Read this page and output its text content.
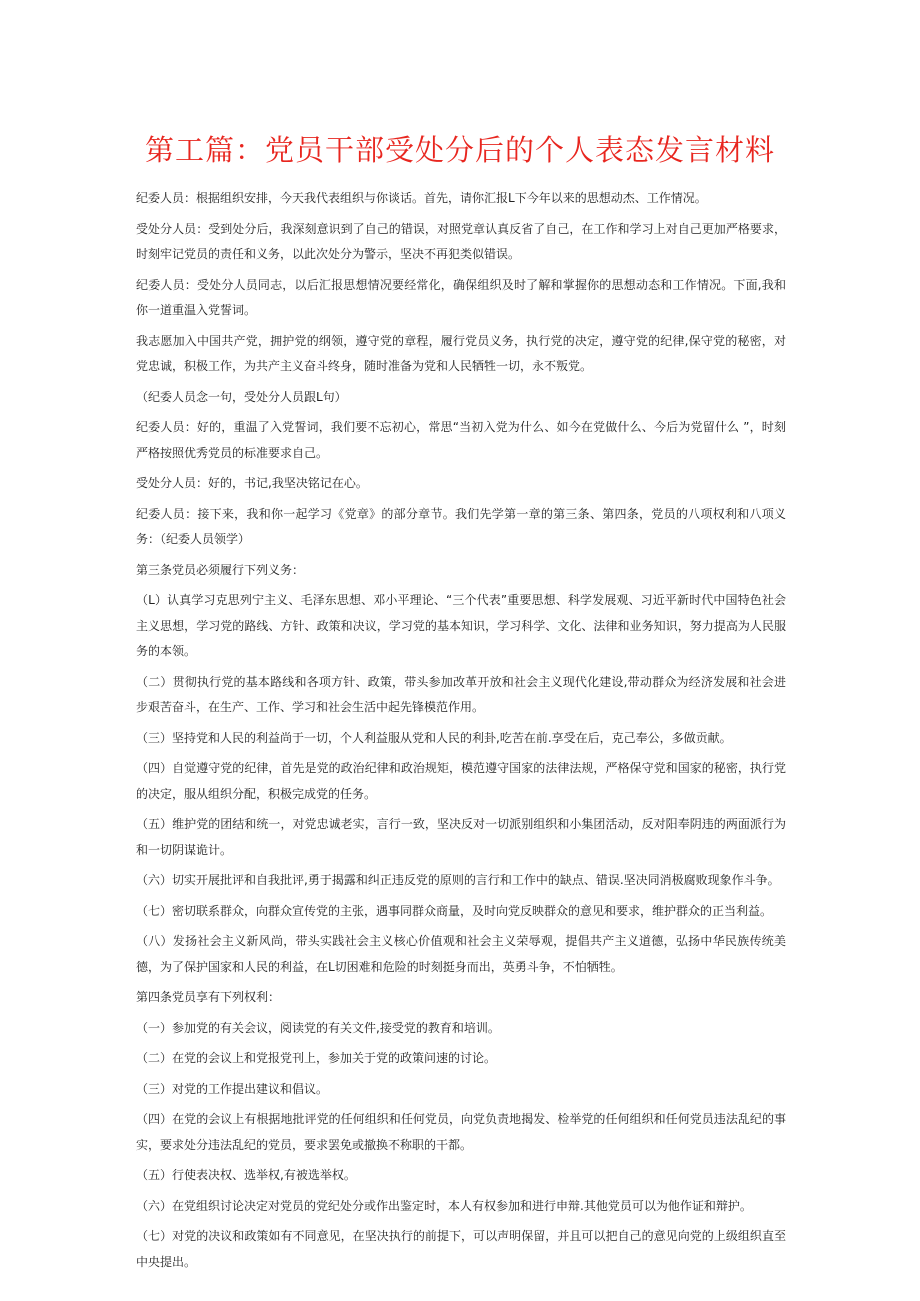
第工篇：党员干部受处分后的个人表态发言材料

纪委人员：根据组织安排，今天我代表组织与你谈话。首先，请你汇报L下今年以来的思想动杰、工作情况。

受处分人员：受到处分后，我深刻意识到了自己的错误，对照党章认真反省了自己，在工作和学习上对自己更加严格要求，时刻牢记党员的责任和义务，以此次处分为警示，坚决不再犯类似错误。

纪委人员：受处分人员同志，以后汇报思想情况要经常化，确保组织及时了解和掌握你的思想动态和工作情况。下面,我和你一道重温入党誓词。

我志愿加入中国共产党，拥护党的纲领，遵守党的章程，履行党员义务，执行党的决定，遵守党的纪律,保守党的秘密，对党忠诚，积极工作，为共产主义奋斗终身，随时准备为党和人民牺牲一切，永不叛党。

（纪委人员念一句，受处分人员跟L句）

纪委人员：好的，重温了入党誓词，我们要不忘初心，常思“当初入党为什么、如今在党做什么、今后为党留什么 ”，时刻严格按照优秀党员的标准要求自己。

受处分人员：好的，书记,我坚决铭记在心。

纪委人员：接下来，我和你一起学习《党章》的部分章节。我们先学第一章的第三条、第四条，党员的八项权利和八项义务：（纪委人员领学）

第三条党员必须履行下列义务：

（L）认真学习克思列宁主义、毛泽东思想、邓小平理论、“三个代表”重要思想、科学发展观、习近平新时代中国特色社会主义思想，学习党的路线、方针、政策和决议，学习党的基本知识，学习科学、文化、法律和业务知识，努力提高为人民服务的本领。

（二）贯彻执行党的基本路线和各项方针、政策，带头参加改革开放和社会主义现代化建设,带动群众为经济发展和社会进步艰苦奋斗，在生产、工作、学习和社会生活中起先锋模范作用。

（三）坚持党和人民的利益尚于一切，个人利益服从党和人民的利卦,吃苦在前.享受在后，克己奉公，多做贡献。

（四）自觉遵守党的纪律，首先是党的政治纪律和政治规矩，模范遵守国家的法律法规，严格保守党和国家的秘密，执行党的决定，服从组织分配，积极完成党的任务。

（五）维护党的团结和统一，对党忠诚老实，言行一致，坚决反对一切派别组织和小集团活动，反对阳奉阴违的两面派行为和一切阴谋诡计。

（六）切实开展批评和自我批评,勇于揭露和纠正违反党的原则的言行和工作中的缺点、错误.坚决同消极腐败现象作斗争。

（七）密切联系群众，向群众宣传党的主张，遇事同群众商量，及时向党反映群众的意见和要求，维护群众的正当利益。

（八）发扬社会主义新风尚，带头实践社会主义核心价值观和社会主义荣辱观，提倡共产主义道德，弘扬中华民族传统美德，为了保护国家和人民的利益，在L切困难和危险的时刻挺身而出，英勇斗争，不怕牺牲。

第四条党员享有下列权利：

（一）参加党的有关会议，阅读党的有关文件,接受党的教育和培训。

（二）在党的会议上和党报党刊上，参加关于党的政策问速的讨论。

（三）对党的工作提出建议和倡议。

（四）在党的会议上有根据地批评党的任何组织和任何党员，向党负责地揭发、检举党的任何组织和任何党员违法乱纪的事实，要求处分违法乱纪的党员，要求罢免或撤换不称职的干都。

（五）行使表决权、选举权,有被选举权。

（六）在党组织讨论决定对党员的党纪处分或作出鉴定时，本人有权参加和进行申辩.其他党员可以为他作证和辩护。

（七）对党的决议和政策如有不同意见，在坚决执行的前提下，可以声明保留，并且可以把自己的意见向党的上级组织直至中央提出。
